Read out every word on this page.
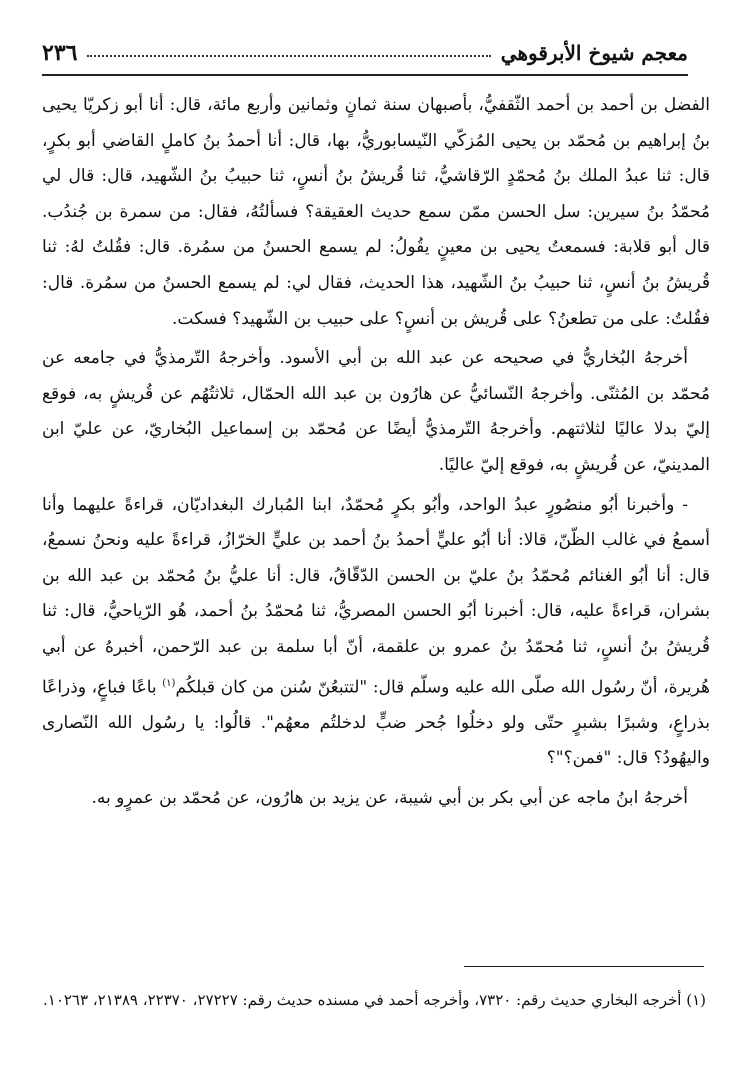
معجم شيوخ الأبرقوهي
٢٣٦

الفضل بن أحمد بن أحمد الثّقفيُّ، بأصبهان سنة ثمانٍ وثمانين وأربع مائة، قال: أنا أبو زكريّا يحيى بنُ إبراهيم بن مُحمّد بن يحيى المُزكّي النّيسابوريُّ، بها، قال: أنا أحمدُ بنُ كاملٍ القاضي أبو بكرٍ، قال: ثنا عبدُ الملك بنُ مُحمّدٍ الرّقاشيُّ، ثنا قُريشُ بنُ أنسٍ، ثنا حبيبُ بنُ الشّهيد، قال: قال لي مُحمّدُ بنُ سيرين: سل الحسن ممّن سمع حديث العقيقة؟ فسألتُهُ، فقال: من سمرة بن جُندُب. قال أبو قلابة: فسمعتُ يحيى بن معينٍ يقُولُ: لم يسمع الحسنُ من سمُرة. قال: فقُلتُ لهُ: ثنا قُريشُ بنُ أنسٍ، ثنا حبيبُ بنُ الشّهيد، هذا الحديث، فقال لي: لم يسمع الحسنُ من سمُرة. قال: فقُلتُ: على من تطعنُ؟ على قُريش بن أنسٍ؟ على حبيب بن الشّهيد؟ فسكت.

أخرجهُ البُخاريُّ في صحيحه عن عبد الله بن أبي الأسود. وأخرجهُ التّرمذيُّ في جامعه عن مُحمّد بن المُثنّى. وأخرجهُ النّسائيُّ عن هارُون بن عبد الله الحمّال، ثلاثتُهُم عن قُريشٍ به، فوقع إليّ بدلا عاليًا لثلاثتهم. وأخرجهُ التّرمذيُّ أيضًا عن مُحمّد بن إسماعيل البُخاريّ، عن عليّ ابن المدينيّ، عن قُريشٍ به، فوقع إليّ عاليًا.

- وأخبرنا أبُو منصُورٍ عبدُ الواحد، وأبُو بكرٍ مُحمّدٌ، ابنا المُبارك البغداديّان، قراءةً عليهما وأنا أسمعُ في غالب الظّنّ، قالا: أنا أبُو عليٍّ أحمدُ بنُ أحمد بن عليٍّ الخرّازُ، قراءةً عليه ونحنُ نسمعُ، قال: أنا أبُو الغنائم مُحمّدُ بنُ عليّ بن الحسن الدّقّاقُ، قال: أنا عليُّ بنُ مُحمّد بن عبد الله بن بشران، قراءةً عليه، قال: أخبرنا أبُو الحسن المصريُّ، ثنا مُحمّدُ بنُ أحمد، هُو الرّياحيُّ، قال: ثنا قُريشُ بنُ أنسٍ، ثنا مُحمّدُ بنُ عمرو بن علقمة، أنّ أبا سلمة بن عبد الرّحمن، أخبرهُ عن أبي هُريرة، أنّ رسُول الله صلّى الله عليه وسلّم قال: "لتتبعُنّ سُنن من كان قبلكُم$^{(١)}$ باعًا فباعٍ، وذراعًا بذراعٍ، وشبرًا بشبرٍ حتّى ولو دخلُوا جُحر ضبٍّ لدخلتُم معهُم". قالُوا: يا رسُول الله النّصارى واليهُودُ؟ قال: "فمن؟"؟

أخرجهُ ابنُ ماجه عن أبي بكر بن أبي شيبة، عن يزيد بن هارُون، عن مُحمّد بن عمرٍو به.

(١) أخرجه البخاري حديث رقم: ٧٣٢٠، وأخرجه أحمد في مسنده حديث رقم: ٢٧٢٢٧، ٢٢٣٧٠، ٢١٣٨٩، ١٠٢٦٣.
